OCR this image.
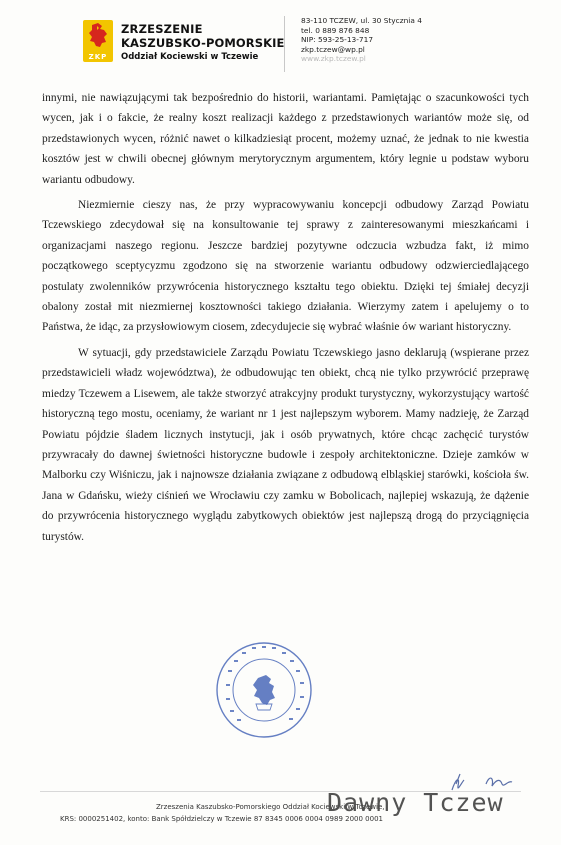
ZKP
ZRZESZENIE
KASZUBSKO-POMORSKIE
Oddział Kociewski w Tczewie
83-110 TCZEW, ul. 30 Stycznia 4
tel. 0 889 876 848
NIP: 593-25-13-717
zkp.tczew@wp.pl
www.zkp.tczew.pl

innymi, nie nawiązującymi tak bezpośrednio do historii, wariantami. Pamiętając o szacunkowości tych wycen, jak i o fakcie, że realny koszt realizacji każdego z przedstawionych wariantów może się, od przedstawionych wycen, różnić nawet o kilkadziesiąt procent, możemy uznać, że jednak to nie kwestia kosztów jest w chwili obecnej głównym merytorycznym argumentem, który legnie u podstaw wyboru wariantu odbudowy.

Niezmiernie cieszy nas, że przy wypracowywaniu koncepcji odbudowy Zarząd Powiatu Tczewskiego zdecydował się na konsultowanie tej sprawy z zainteresowanymi mieszkańcami i organizacjami naszego regionu. Jeszcze bardziej pozytywne odczucia wzbudza fakt, iż mimo początkowego sceptycyzmu zgodzono się na stworzenie wariantu odbudowy odzwierciedlającego postulaty zwolenników przywrócenia historycznego kształtu tego obiektu. Dzięki tej śmiałej decyzji obalony został mit niezmiernej kosztowności takiego działania. Wierzymy zatem i apelujemy o to Państwa, że idąc, za przysłowiowym ciosem, zdecydujecie się wybrać właśnie ów wariant historyczny.

W sytuacji, gdy przedstawiciele Zarządu Powiatu Tczewskiego jasno deklarują (wspierane przez przedstawicieli władz województwa), że odbudowując ten obiekt, chcą nie tylko przywrócić przeprawę miedzy Tczewem a Lisewem, ale także stworzyć atrakcyjny produkt turystyczny, wykorzystujący wartość historyczną tego mostu, oceniamy, że wariant nr 1 jest najlepszym wyborem. Mamy nadzieję, że Zarząd Powiatu pójdzie śladem licznych instytucji, jak i osób prywatnych, które chcąc zachęcić turystów przywracały do dawnej świetności historyczne budowle i zespoły architektoniczne. Dzieje zamków w Malborku czy Wiśniczu, jak i najnowsze działania związane z odbudową elbląskiej starówki, kościoła św. Jana w Gdańsku, wieży ciśnień we Wrocławiu czy zamku w Bobolicach, najlepiej wskazują, że dążenie do przywrócenia historycznego wyglądu zabytkowych obiektów jest najlepszą drogą do przyciągnięcia turystów.

Zrzeszenia Kaszubsko-Pomorskiego Oddział Kociewski w Tczewie,
KRS: 0000251402, konto: Bank Spółdzielczy w Tczewie 87 8345 0006 0004 0989 2000 0001
Dawny Tczew
